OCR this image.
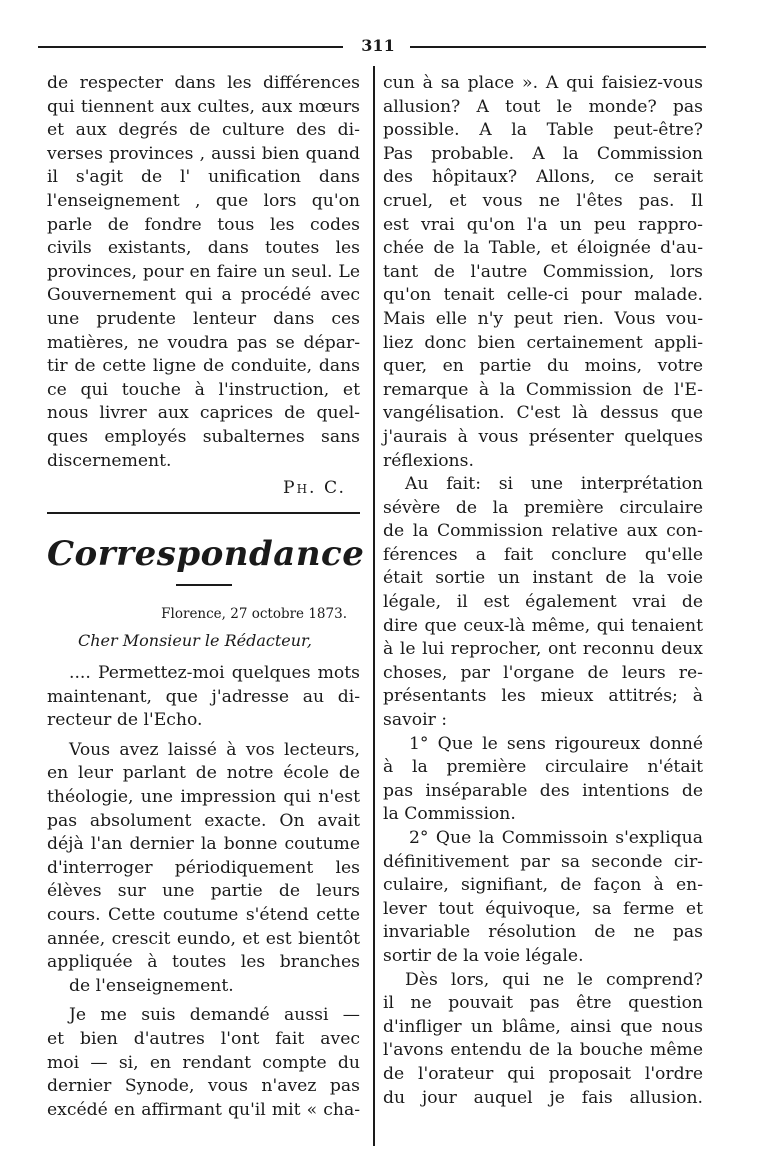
311
de respecter dans les différences
qui tiennent aux cultes, aux mœurs
et aux degrés de culture des di-
verses provinces , aussi bien quand
il s'agit de l' unification dans
l'enseignement , que lors qu'on
parle de fondre tous les codes
civils existants, dans toutes les
provinces, pour en faire un seul. Le
Gouvernement qui a procédé avec
une prudente lenteur dans ces
matières, ne voudra pas se dépar-
tir de cette ligne de conduite, dans
ce qui touche à l'instruction, et
nous livrer aux caprices de quel-
ques employés subalternes sans
discernement.
Ph. C.
Correspondance
Florence, 27 octobre 1873.
Cher Monsieur le Rédacteur,
.... Permettez-moi quelques mots
maintenant, que j'adresse au di-
recteur de l'Echo.
Vous avez laissé à vos lecteurs,
en leur parlant de notre école de
théologie, une impression qui n'est
pas absolument exacte. On avait
déjà l'an dernier la bonne coutume
d'interroger périodiquement les
élèves sur une partie de leurs
cours. Cette coutume s'étend cette
année, crescit eundo, et est bientôt
appliquée à toutes les branches
de l'enseignement.
Je me suis demandé aussi —
et bien d'autres l'ont fait avec
moi — si, en rendant compte du
dernier Synode, vous n'avez pas
excédé en affirmant qu'il mit « cha-
cun à sa place ». A qui faisiez-vous
allusion? A tout le monde? pas
possible. A la Table peut-être?
Pas probable. A la Commission
des hôpitaux? Allons, ce serait
cruel, et vous ne l'êtes pas. Il
est vrai qu'on l'a un peu rappro-
chée de la Table, et éloignée d'au-
tant de l'autre Commission, lors
qu'on tenait celle-ci pour malade.
Mais elle n'y peut rien. Vous vou-
liez donc bien certainement appli-
quer, en partie du moins, votre
remarque à la Commission de l'E-
vangélisation. C'est là dessus que
j'aurais à vous présenter quelques
réflexions.
Au fait: si une interprétation
sévère de la première circulaire
de la Commission relative aux con-
férences a fait conclure qu'elle
était sortie un instant de la voie
légale, il est également vrai de
dire que ceux-là même, qui tenaient
à le lui reprocher, ont reconnu deux
choses, par l'organe de leurs re-
présentants les mieux attitrés; à
savoir :
1° Que le sens rigoureux donné
à la première circulaire n'était
pas inséparable des intentions de
la Commission.
2° Que la Commissoin s'expliqua
définitivement par sa seconde cir-
culaire, signifiant, de façon à en-
lever tout équivoque, sa ferme et
invariable résolution de ne pas
sortir de la voie légale.
Dès lors, qui ne le comprend?
il ne pouvait pas être question
d'infliger un blâme, ainsi que nous
l'avons entendu de la bouche même
de l'orateur qui proposait l'ordre
du jour auquel je fais allusion.
